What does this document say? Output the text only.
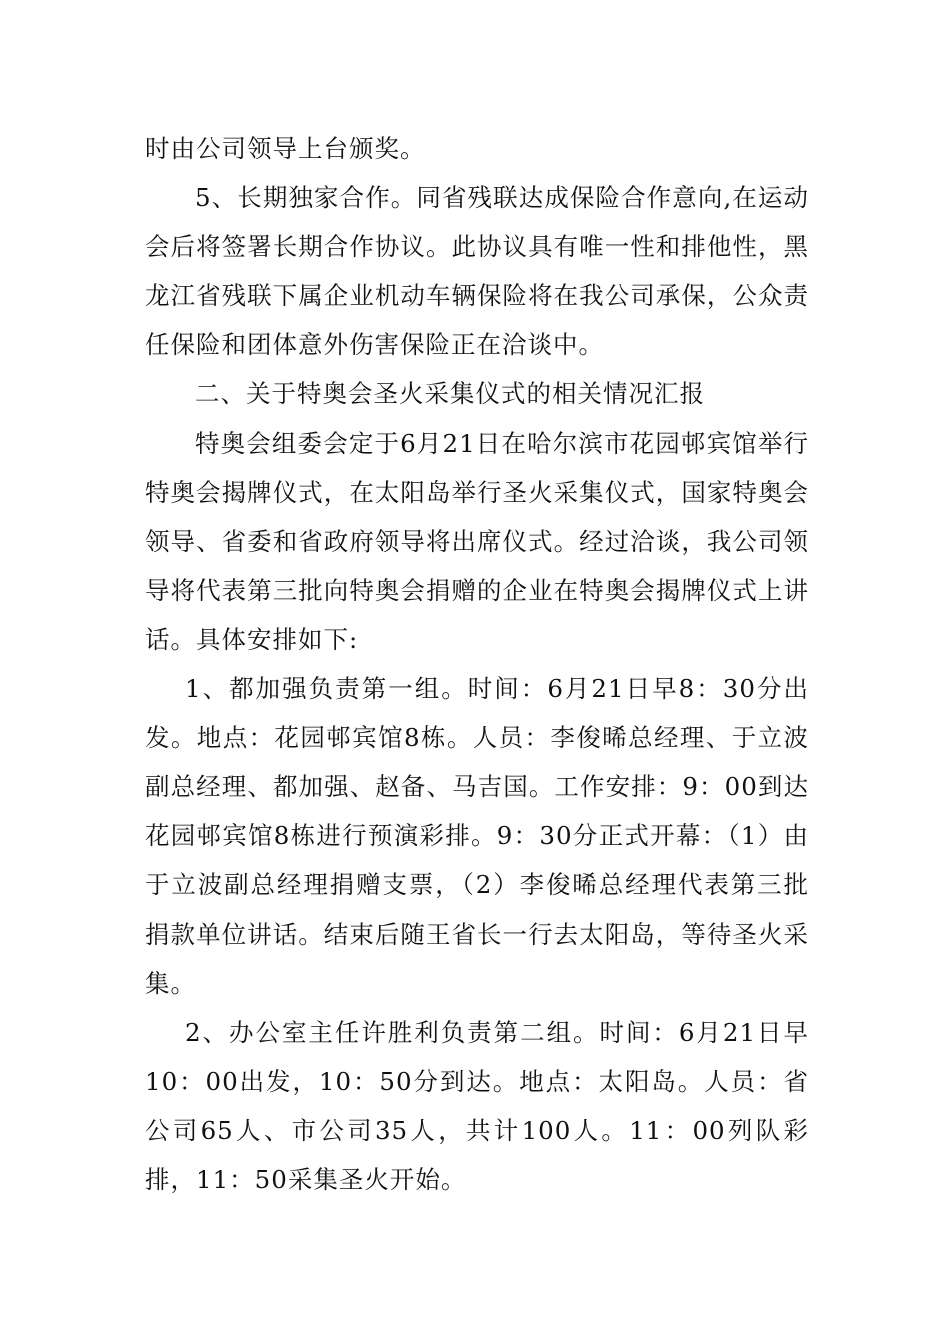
时由公司领导上台颁奖。

5、长期独家合作。同省残联达成保险合作意向,在运动会后将签署长期合作协议。此协议具有唯一性和排他性，黑龙江省残联下属企业机动车辆保险将在我公司承保，公众责任保险和团体意外伤害保险正在洽谈中。

二、关于特奥会圣火采集仪式的相关情况汇报

特奥会组委会定于6月21日在哈尔滨市花园邨宾馆举行特奥会揭牌仪式，在太阳岛举行圣火采集仪式，国家特奥会领导、省委和省政府领导将出席仪式。经过洽谈，我公司领导将代表第三批向特奥会捐赠的企业在特奥会揭牌仪式上讲话。具体安排如下:

1、都加强负责第一组。时间：6月21日早8：30分出发。地点：花园邨宾馆8栋。人员：李俊晞总经理、于立波副总经理、都加强、赵备、马吉国。工作安排：9：00到达花园邨宾馆8栋进行预演彩排。9：30分正式开幕：（1）由于立波副总经理捐赠支票，（2）李俊晞总经理代表第三批捐款单位讲话。结束后随王省长一行去太阳岛，等待圣火采集。

2、办公室主任许胜利负责第二组。时间：6月21日早10：00出发，10：50分到达。地点：太阳岛。人员：省公司65人、市公司35人，共计100人。11：00列队彩排，11：50采集圣火开始。
